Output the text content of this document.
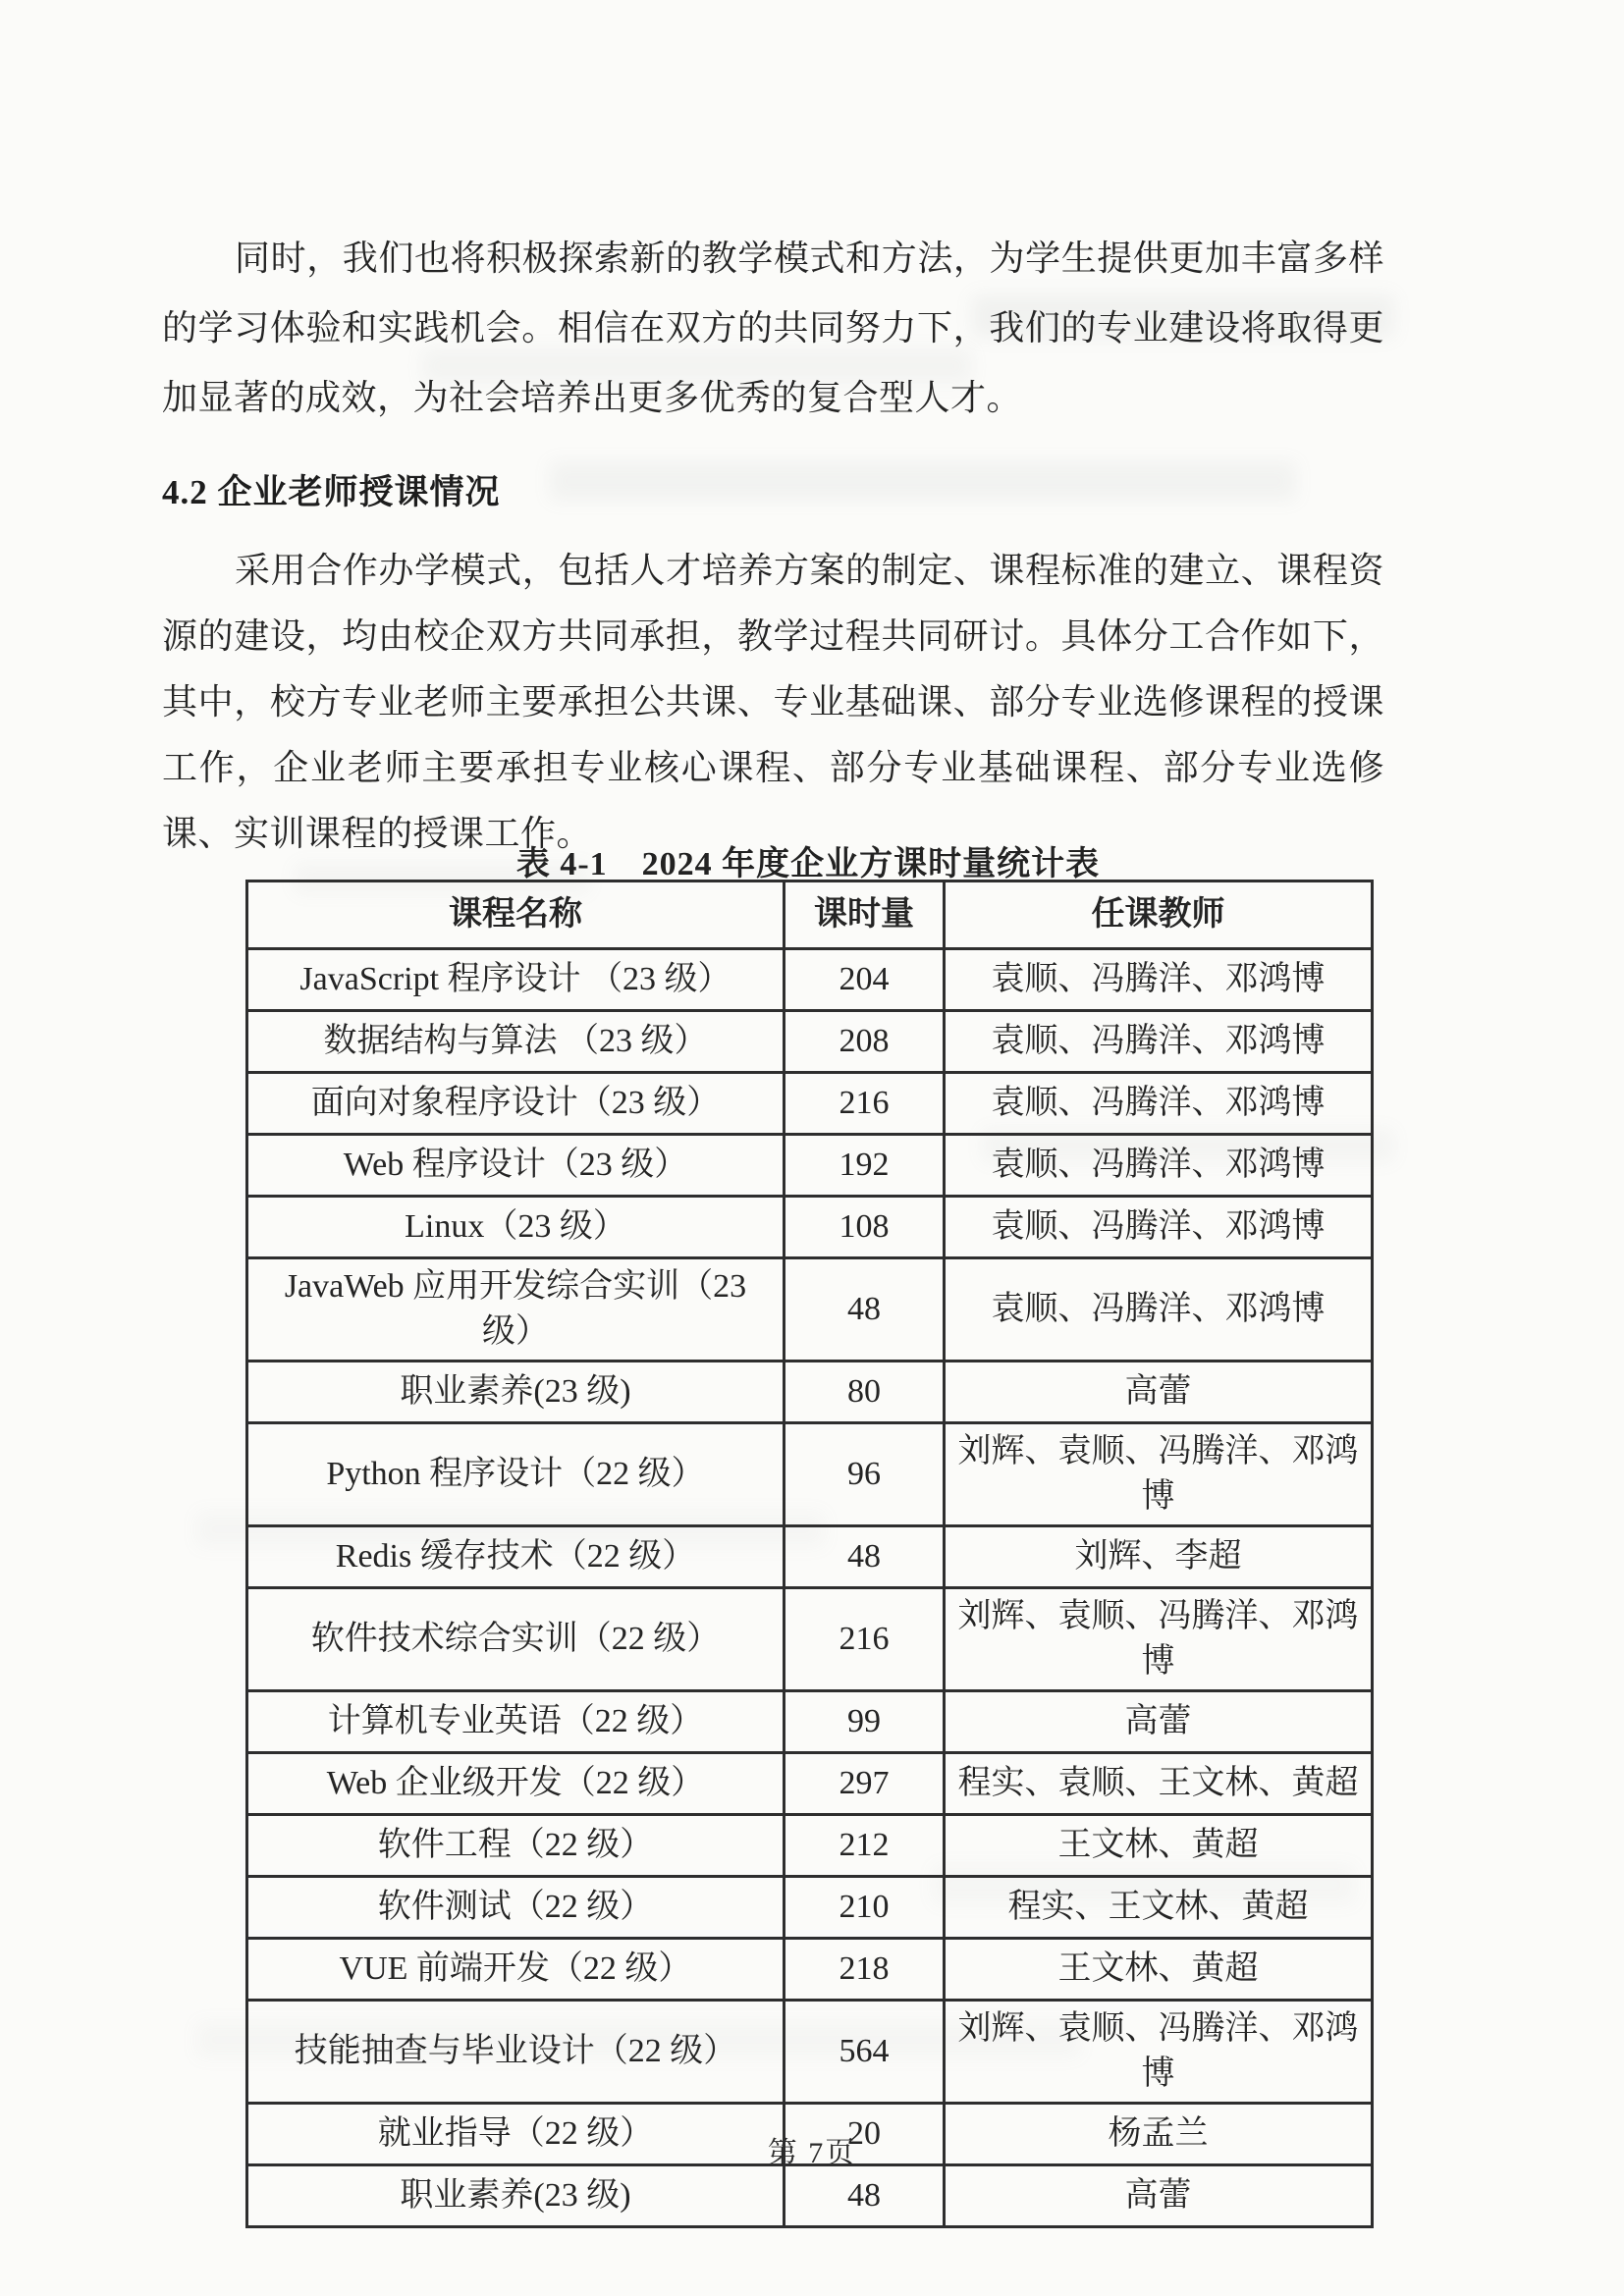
同时，我们也将积极探索新的教学模式和方法，为学生提供更加丰富多样的学习体验和实践机会。相信在双方的共同努力下，我们的专业建设将取得更加显著的成效，为社会培养出更多优秀的复合型人才。

4.2 企业老师授课情况

采用合作办学模式，包括人才培养方案的制定、课程标准的建立、课程资源的建设，均由校企双方共同承担，教学过程共同研讨。具体分工合作如下，其中，校方专业老师主要承担公共课、专业基础课、部分专业选修课程的授课工作，企业老师主要承担专业核心课程、部分专业基础课程、部分专业选修课、实训课程的授课工作。

表 4-1　2024 年度企业方课时量统计表
课程名称	课时量	任课教师
JavaScript 程序设计 （23 级）	204	袁顺、冯腾洋、邓鸿博
数据结构与算法 （23 级）	208	袁顺、冯腾洋、邓鸿博
面向对象程序设计（23 级）	216	袁顺、冯腾洋、邓鸿博
Web 程序设计（23 级）	192	袁顺、冯腾洋、邓鸿博
Linux（23 级）	108	袁顺、冯腾洋、邓鸿博
JavaWeb 应用开发综合实训（23 级）	48	袁顺、冯腾洋、邓鸿博
职业素养(23 级)	80	高蕾
Python 程序设计（22 级）	96	刘辉、袁顺、冯腾洋、邓鸿博
Redis 缓存技术（22 级）	48	刘辉、李超
软件技术综合实训（22 级）	216	刘辉、袁顺、冯腾洋、邓鸿博
计算机专业英语（22 级）	99	高蕾
Web 企业级开发（22 级）	297	程实、袁顺、王文林、黄超
软件工程（22 级）	212	王文林、黄超
软件测试（22 级）	210	程实、王文林、黄超
VUE 前端开发（22 级）	218	王文林、黄超
技能抽查与毕业设计（22 级）	564	刘辉、袁顺、冯腾洋、邓鸿博
就业指导（22 级）	20	杨孟兰
职业素养(23 级)	48	高蕾
第 7页
